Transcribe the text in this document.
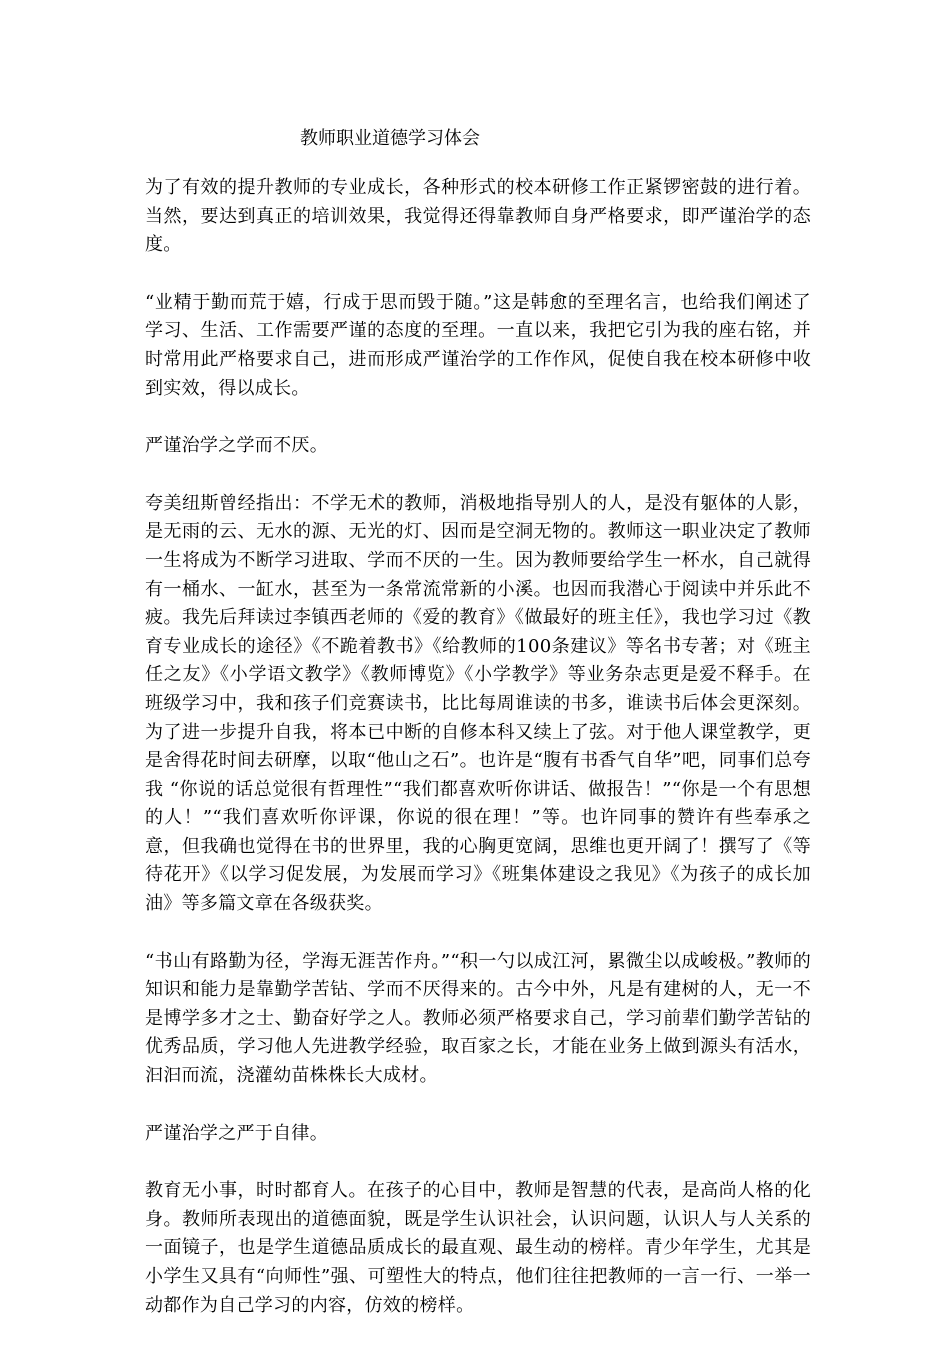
教师职业道德学习体会

为了有效的提升教师的专业成长，各种形式的校本研修工作正紧锣密鼓的进行着。当然，要达到真正的培训效果，我觉得还得靠教师自身严格要求，即严谨治学的态度。

“业精于勤而荒于嬉，行成于思而毁于随。”这是韩愈的至理名言，也给我们阐述了学习、生活、工作需要严谨的态度的至理。一直以来，我把它引为我的座右铭，并时常用此严格要求自己，进而形成严谨治学的工作作风，促使自我在校本研修中收到实效，得以成长。

严谨治学之学而不厌。

夸美纽斯曾经指出：不学无术的教师，消极地指导别人的人，是没有躯体的人影，是无雨的云、无水的源、无光的灯、因而是空洞无物的。教师这一职业决定了教师一生将成为不断学习进取、学而不厌的一生。因为教师要给学生一杯水，自己就得有一桶水、一缸水，甚至为一条常流常新的小溪。也因而我潜心于阅读中并乐此不疲。我先后拜读过李镇西老师的《爱的教育》《做最好的班主任》，我也学习过《教育专业成长的途径》《不跪着教书》《给教师的100条建议》等名书专著；对《班主任之友》《小学语文教学》《教师博览》《小学教学》等业务杂志更是爱不释手。在班级学习中，我和孩子们竞赛读书，比比每周谁读的书多，谁读书后体会更深刻。为了进一步提升自我，将本已中断的自修本科又续上了弦。对于他人课堂教学，更是舍得花时间去研摩，以取“他山之石”。也许是“腹有书香气自华”吧，同事们总夸我 “你说的话总觉很有哲理性”“我们都喜欢听你讲话、做报告！”“你是一个有思想的人！”“我们喜欢听你评课，你说的很在理！”等。也许同事的赞许有些奉承之意，但我确也觉得在书的世界里，我的心胸更宽阔，思维也更开阔了！撰写了《等待花开》《以学习促发展，为发展而学习》《班集体建设之我见》《为孩子的成长加油》等多篇文章在各级获奖。

“书山有路勤为径，学海无涯苦作舟。”“积一勺以成江河，累微尘以成峻极。”教师的知识和能力是靠勤学苦钻、学而不厌得来的。古今中外，凡是有建树的人，无一不是博学多才之士、勤奋好学之人。教师必须严格要求自己，学习前辈们勤学苦钻的优秀品质，学习他人先进教学经验，取百家之长，才能在业务上做到源头有活水，汩汩而流，浇灌幼苗株株长大成材。

严谨治学之严于自律。

教育无小事，时时都育人。在孩子的心目中，教师是智慧的代表，是高尚人格的化身。教师所表现出的道德面貌，既是学生认识社会，认识问题，认识人与人关系的一面镜子，也是学生道德品质成长的最直观、最生动的榜样。青少年学生，尤其是小学生又具有“向师性”强、可塑性大的特点，他们往往把教师的一言一行、一举一动都作为自己学习的内容，仿效的榜样。
